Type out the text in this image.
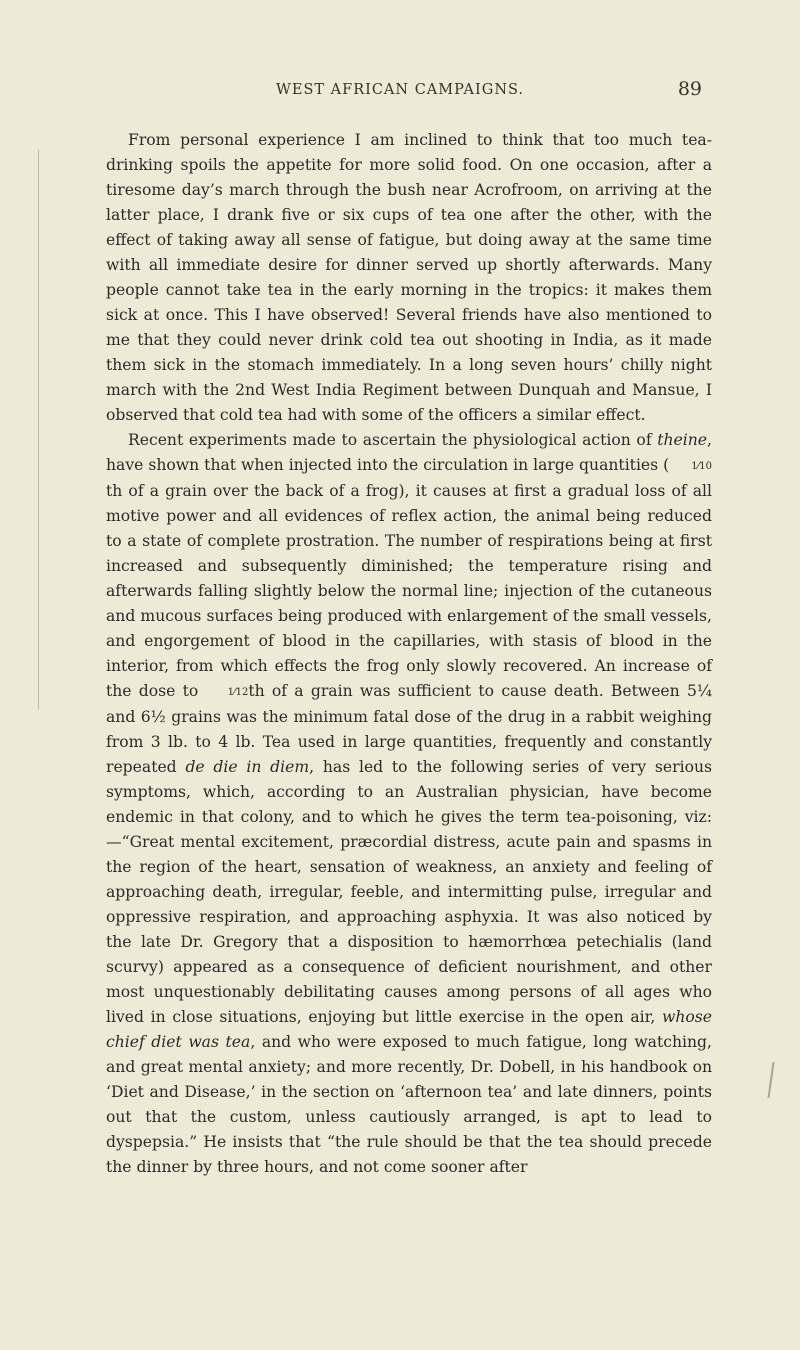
WEST AFRICAN CAMPAIGNS.	89

From personal experience I am inclined to think that too much tea-drinking spoils the appetite for more solid food. On one occasion, after a tiresome day’s march through the bush near Acrofroom, on arriving at the latter place, I drank five or six cups of tea one after the other, with the effect of taking away all sense of fatigue, but doing away at the same time with all immediate desire for dinner served up shortly afterwards. Many people cannot take tea in the early morning in the tropics: it makes them sick at once. This I have observed! Several friends have also mentioned to me that they could never drink cold tea out shooting in India, as it made them sick in the stomach immediately. In a long seven hours’ chilly night march with the 2nd West India Regiment between Dunquah and Mansue, I observed that cold tea had with some of the officers a similar effect.

Recent experiments made to ascertain the physiological action of theine, have shown that when injected into the circulation in large quantities ( 1⁄10th of a grain over the back of a frog), it causes at first a gradual loss of all motive power and all evidences of reflex action, the animal being reduced to a state of complete prostration. The number of respirations being at first increased and subsequently diminished; the temperature rising and afterwards falling slightly below the normal line; injection of the cutaneous and mucous surfaces being produced with enlargement of the small vessels, and engorgement of blood in the capillaries, with stasis of blood in the interior, from which effects the frog only slowly recovered. An increase of the dose to 1⁄12th of a grain was sufficient to cause death. Between 5¼ and 6½ grains was the minimum fatal dose of the drug in a rabbit weighing from 3 lb. to 4 lb. Tea used in large quantities, frequently and constantly repeated de die in diem, has led to the following series of very serious symptoms, which, according to an Australian physician, have become endemic in that colony, and to which he gives the term tea-poisoning, viz:—“Great mental excitement, præcordial distress, acute pain and spasms in the region of the heart, sensation of weakness, an anxiety and feeling of approaching death, irregular, feeble, and intermitting pulse, irregular and oppressive respiration, and approaching asphyxia. It was also noticed by the late Dr. Gregory that a disposition to hæmorrhœa petechialis (land scurvy) appeared as a consequence of deficient nourishment, and other most unquestionably debilitating causes among persons of all ages who lived in close situations, enjoying but little exercise in the open air, whose chief diet was tea, and who were exposed to much fatigue, long watching, and great mental anxiety; and more recently, Dr. Dobell, in his handbook on ‘Diet and Disease,’ in the section on ‘afternoon tea’ and late dinners, points out that the custom, unless cautiously arranged, is apt to lead to dyspepsia.” He insists that “the rule should be that the tea should precede the dinner by three hours, and not come sooner after
